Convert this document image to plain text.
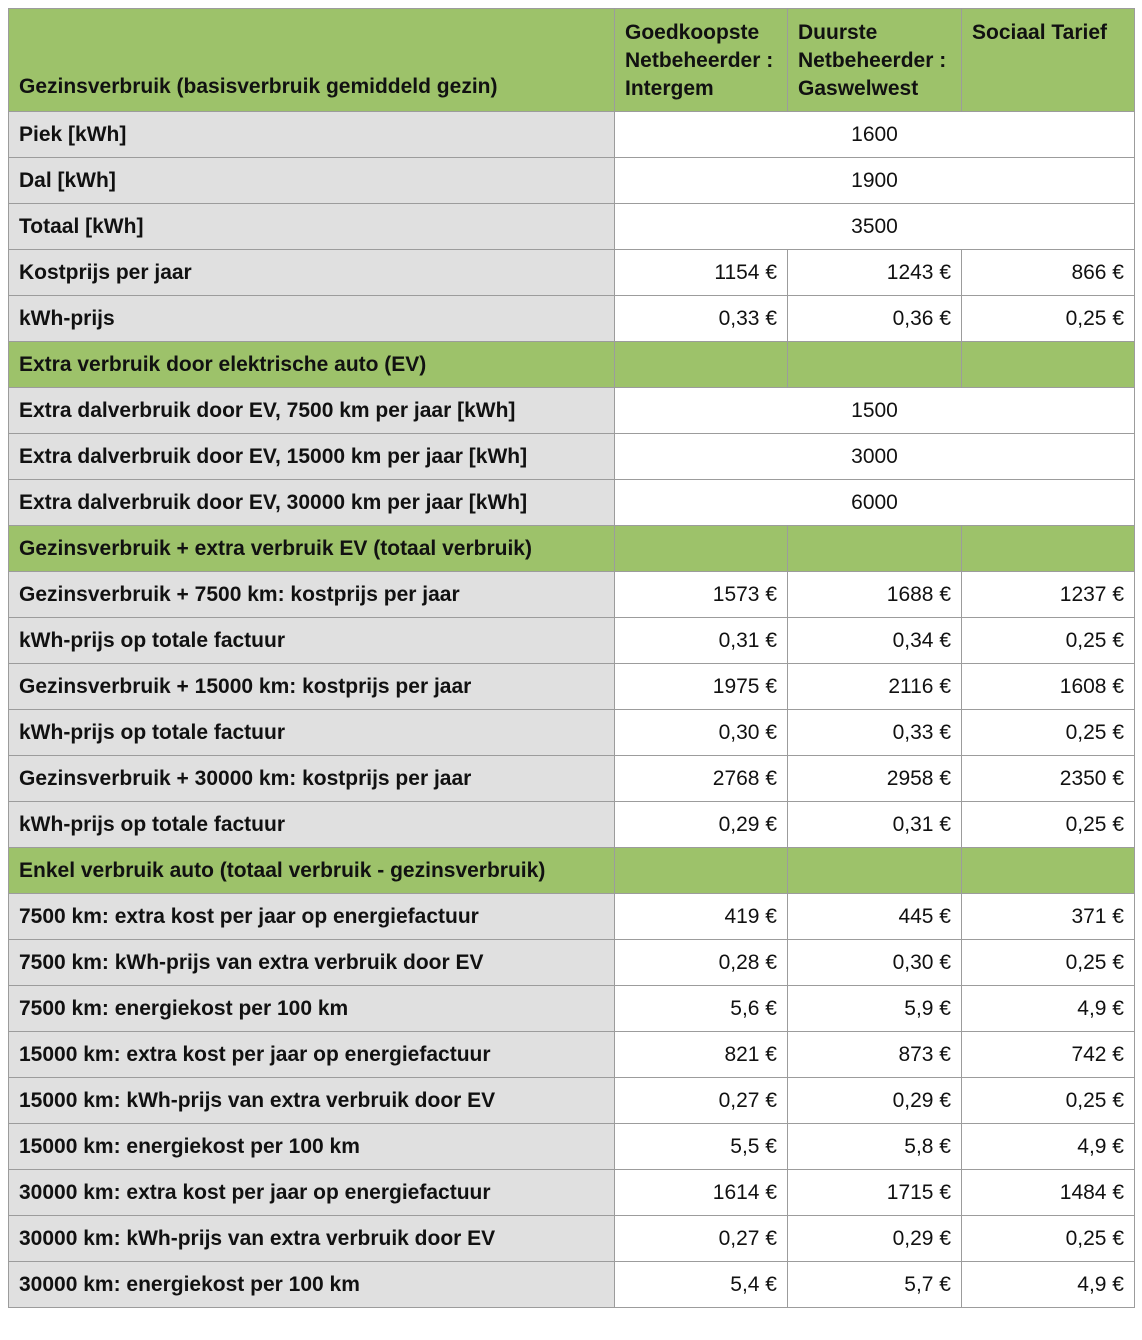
Gezinsverbruik (basisverbruik gemiddeld gezin)	Goedkoopste Netbeheerder : Intergem	Duurste Netbeheerder : Gaswelwest	Sociaal Tarief
Piek [kWh]	1600		
Dal [kWh]	1900		
Totaal [kWh]	3500		
Kostprijs per jaar	1154 €	1243 €	866 €
kWh-prijs	0,33 €	0,36 €	0,25 €
Extra verbruik door elektrische auto (EV)			
Extra dalverbruik door EV, 7500 km per jaar [kWh]	1500		
Extra dalverbruik door EV, 15000 km per jaar [kWh]	3000		
Extra dalverbruik door EV, 30000 km per jaar [kWh]	6000		
Gezinsverbruik + extra verbruik EV (totaal verbruik)			
Gezinsverbruik + 7500 km: kostprijs per jaar	1573 €	1688 €	1237 €
kWh-prijs op totale factuur	0,31 €	0,34 €	0,25 €
Gezinsverbruik + 15000 km: kostprijs per jaar	1975 €	2116 €	1608 €
kWh-prijs op totale factuur	0,30 €	0,33 €	0,25 €
Gezinsverbruik + 30000 km: kostprijs per jaar	2768 €	2958 €	2350 €
kWh-prijs op totale factuur	0,29 €	0,31 €	0,25 €
Enkel verbruik auto (totaal verbruik - gezinsverbruik)			
7500 km: extra kost per jaar op energiefactuur	419 €	445 €	371 €
7500 km: kWh-prijs van extra verbruik door EV	0,28 €	0,30 €	0,25 €
7500 km: energiekost per 100 km	5,6 €	5,9 €	4,9 €
15000 km: extra kost per jaar op energiefactuur	821 €	873 €	742 €
15000 km: kWh-prijs van extra verbruik door EV	0,27 €	0,29 €	0,25 €
15000 km: energiekost per 100 km	5,5 €	5,8 €	4,9 €
30000 km: extra kost per jaar op energiefactuur	1614 €	1715 €	1484 €
30000 km: kWh-prijs van extra verbruik door EV	0,27 €	0,29 €	0,25 €
30000 km: energiekost per 100 km	5,4 €	5,7 €	4,9 €
